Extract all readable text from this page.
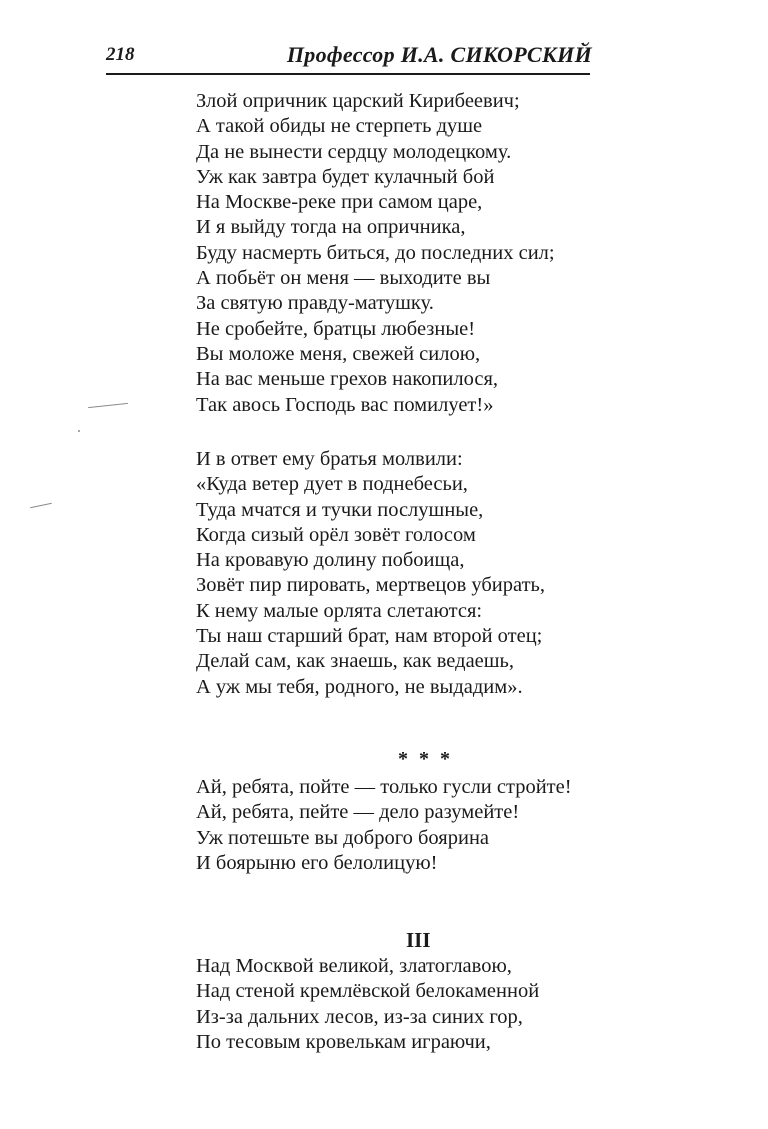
218	Профессор И.А. СИКОРСКИЙ
Злой опричник царский Кирибеевич;
А такой обиды не стерпеть душе
Да не вынести сердцу молодецкому.
Уж как завтра будет кулачный бой
На Москве-реке при самом царе,
И я выйду тогда на опричника,
Буду насмерть биться, до последних сил;
А побьёт он меня — выходите вы
За святую правду-матушку.
Не сробейте, братцы любезные!
Вы моложе меня, свежей силою,
На вас меньше грехов накопилося,
Так авось Господь вас помилует!»
И в ответ ему братья молвили:
«Куда ветер дует в поднебесьи,
Туда мчатся и тучки послушные,
Когда сизый орёл зовёт голосом
На кровавую долину побоища,
Зовёт пир пировать, мертвецов убирать,
К нему малые орлята слетаются:
Ты наш старший брат, нам второй отец;
Делай сам, как знаешь, как ведаешь,
А уж мы тебя, родного, не выдадим».
* * *
Ай, ребята, пойте — только гусли стройте!
Ай, ребята, пейте — дело разумейте!
Уж потешьте вы доброго боярина
И боярыню его белолицую!
III
Над Москвой великой, златоглавою,
Над стеной кремлёвской белокаменной
Из-за дальних лесов, из-за синих гор,
По тесовым кровелькам играючи,
